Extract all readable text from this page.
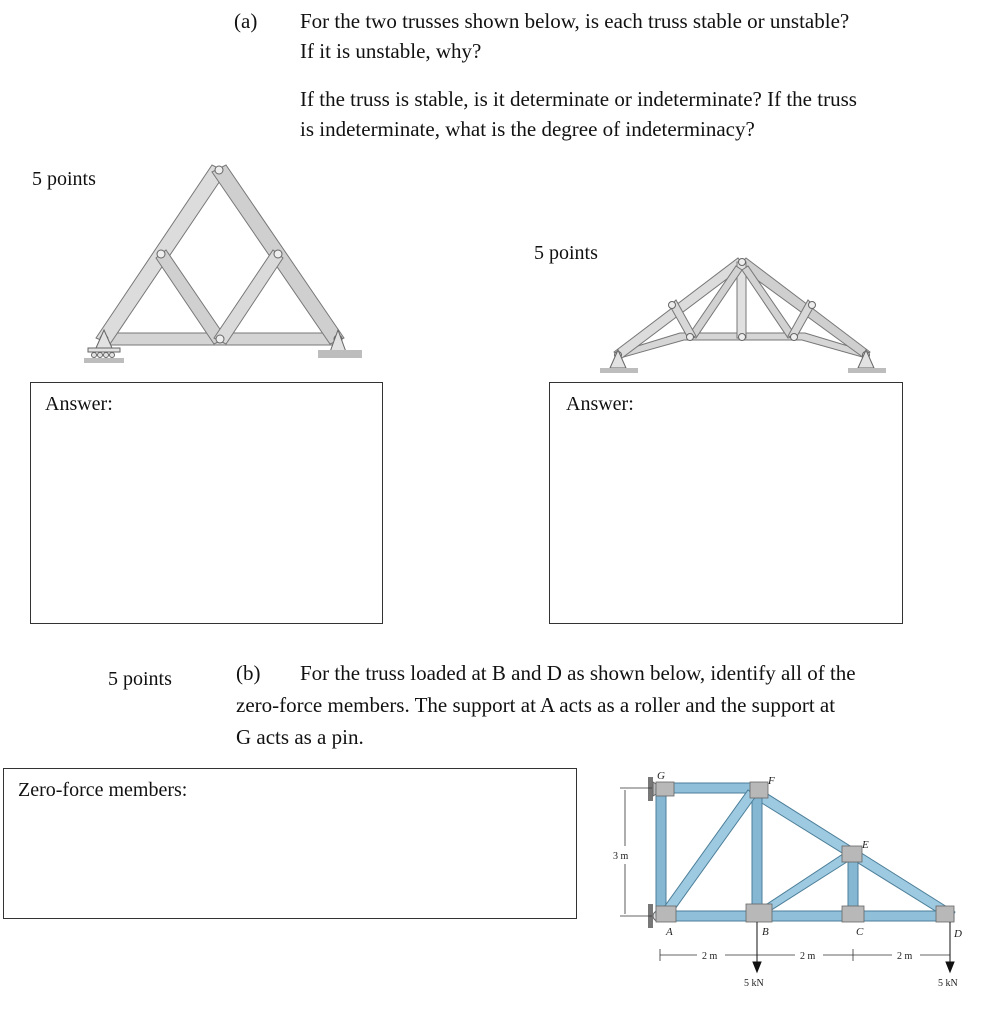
(a) For the two trusses shown below, is each truss stable or unstable?
If it is unstable, why?
If the truss is stable, is it determinate or indeterminate? If the truss
is indeterminate, what is the degree of indeterminacy?
5 points
5 points
Answer:	Answer:
5 points	(b) For the truss loaded at B and D as shown below, identify all of the
zero-force members. The support at A acts as a roller and the support at
G acts as a pin.
Zero-force members:
G	F
E
A	B	C	D
3 m
2 m	2 m	2 m
5 kN	5 kN
